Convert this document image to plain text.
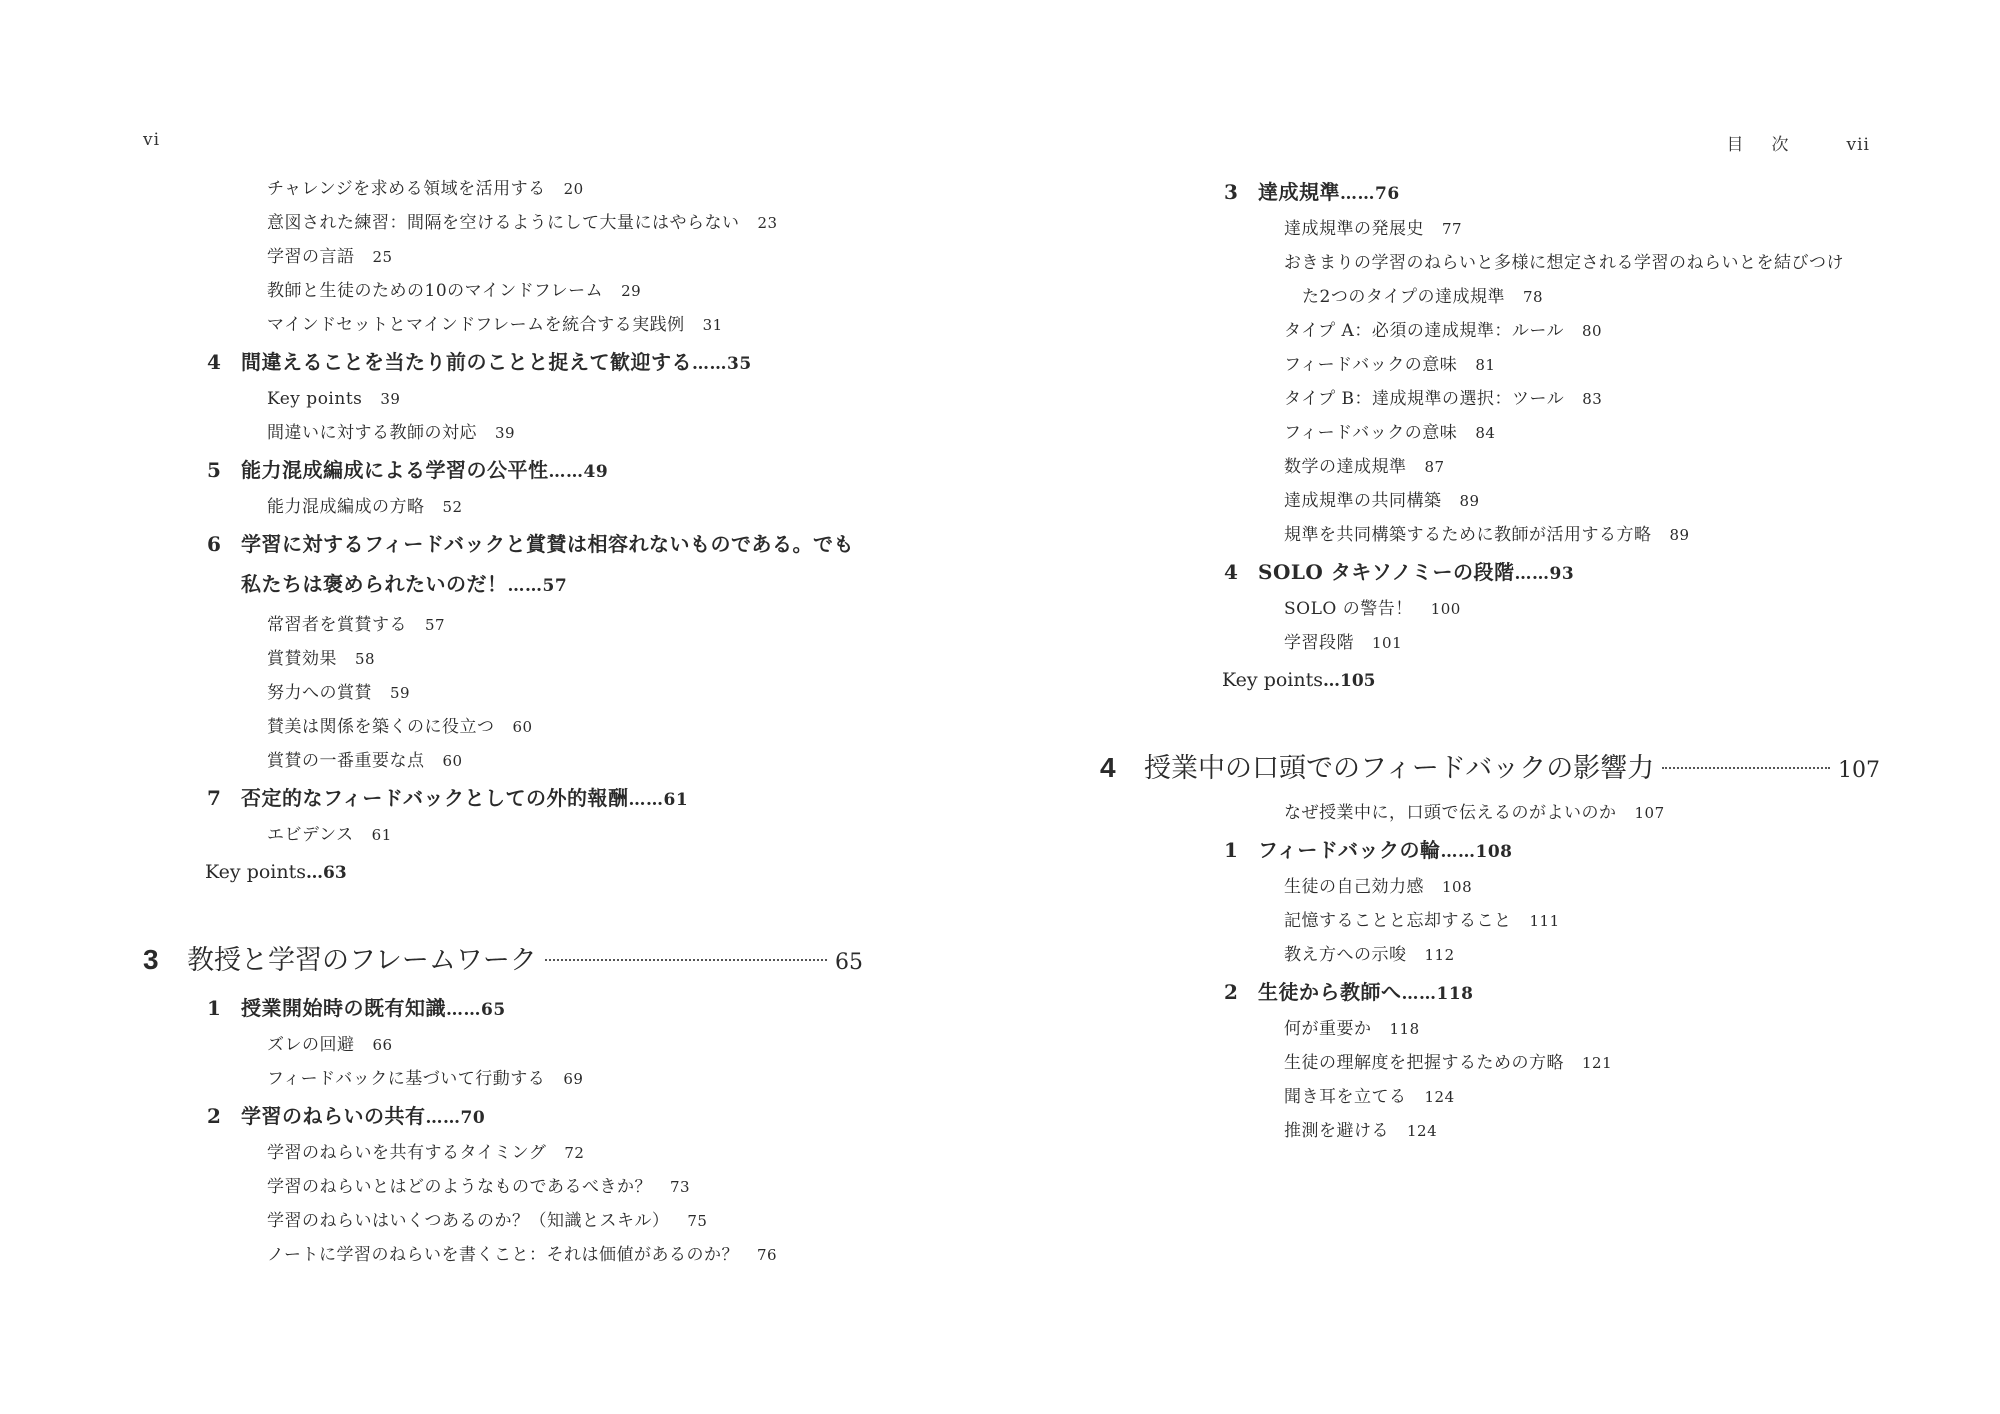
vi
チャレンジを求める領域を活用する 20
意図された練習：間隔を空けるようにして大量にはやらない 23
学習の言語 25
教師と生徒のための10のマインドフレーム 29
マインドセットとマインドフレームを統合する実践例 31
4 間違えることを当たり前のことと捉えて歓迎する……35
Key points 39
間違いに対する教師の対応 39
5 能力混成編成による学習の公平性……49
能力混成編成の方略 52
6 学習に対するフィードバックと賞賛は相容れないものである。でも
私たちは褒められたいのだ！……57
常習者を賞賛する 57
賞賛効果 58
努力への賞賛 59
賛美は関係を築くのに役立つ 60
賞賛の一番重要な点 60
7 否定的なフィードバックとしての外的報酬……61
エビデンス 61
Key points…63
3	教授と学習のフレームワーク	65
1 授業開始時の既有知識……65
ズレの回避 66
フィードバックに基づいて行動する 69
2 学習のねらいの共有……70
学習のねらいを共有するタイミング 72
学習のねらいとはどのようなものであるべきか？ 73
学習のねらいはいくつあるのか？（知識とスキル） 75
ノートに学習のねらいを書くこと：それは価値があるのか？ 76
目次 vii
3 達成規準……76
達成規準の発展史 77
おきまりの学習のねらいと多様に想定される学習のねらいとを結びつけ
た2つのタイプの達成規準 78
タイプ A：必須の達成規準：ルール 80
フィードバックの意味 81
タイプ B：達成規準の選択：ツール 83
フィードバックの意味 84
数学の達成規準 87
達成規準の共同構築 89
規準を共同構築するために教師が活用する方略 89
4 SOLO タキソノミーの段階……93
SOLO の警告！ 100
学習段階 101
Key points…105
4	授業中の口頭でのフィードバックの影響力	107
なぜ授業中に，口頭で伝えるのがよいのか 107
1 フィードバックの輪……108
生徒の自己効力感 108
記憶することと忘却すること 111
教え方への示唆 112
2 生徒から教師へ……118
何が重要か 118
生徒の理解度を把握するための方略 121
聞き耳を立てる 124
推測を避ける 124
